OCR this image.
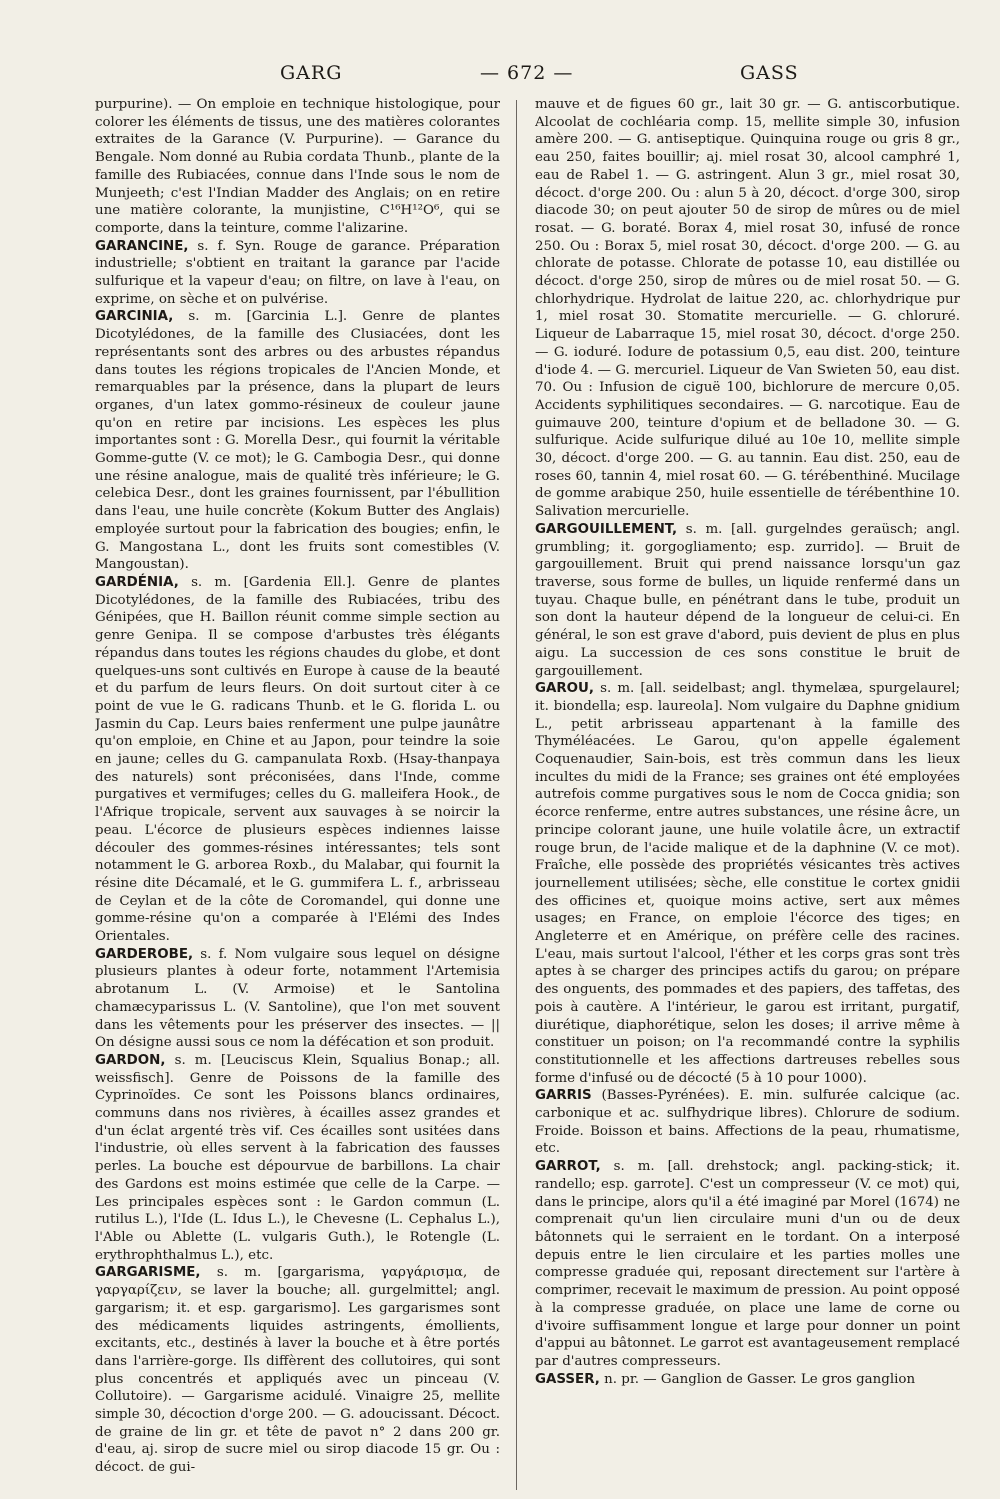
GARG	— 672 —	GASS

purpurine). — On emploie en technique histologique, pour colorer les éléments de tissus, une des matières colorantes extraites de la Garance (V. Purpurine). — Garance du Bengale. Nom donné au Rubia cordata Thunb., plante de la famille des Rubiacées, connue dans l'Inde sous le nom de Munjeeth; c'est l'Indian Madder des Anglais; on en retire une matière colorante, la munjistine, C¹⁶H¹²O⁶, qui se comporte, dans la teinture, comme l'alizarine.

GARANCINE, s. f. Syn. Rouge de garance. Préparation industrielle; s'obtient en traitant la garance par l'acide sulfurique et la vapeur d'eau; on filtre, on lave à l'eau, on exprime, on sèche et on pulvérise.

GARCINIA, s. m. [Garcinia L.]. Genre de plantes Dicotylédones, de la famille des Clusiacées, dont les représentants sont des arbres ou des arbustes répandus dans toutes les régions tropicales de l'Ancien Monde, et remarquables par la présence, dans la plupart de leurs organes, d'un latex gommo-résineux de couleur jaune qu'on en retire par incisions. Les espèces les plus importantes sont : G. Morella Desr., qui fournit la véritable Gomme-gutte (V. ce mot); le G. Cambogia Desr., qui donne une résine analogue, mais de qualité très inférieure; le G. celebica Desr., dont les graines fournissent, par l'ébullition dans l'eau, une huile concrète (Kokum Butter des Anglais) employée surtout pour la fabrication des bougies; enfin, le G. Mangostana L., dont les fruits sont comestibles (V. Mangoustan).

GARDÉNIA, s. m. [Gardenia Ell.]. Genre de plantes Dicotylédones, de la famille des Rubiacées, tribu des Génipées, que H. Baillon réunit comme simple section au genre Genipa. Il se compose d'arbustes très élégants répandus dans toutes les régions chaudes du globe, et dont quelques-uns sont cultivés en Europe à cause de la beauté et du parfum de leurs fleurs. On doit surtout citer à ce point de vue le G. radicans Thunb. et le G. florida L. ou Jasmin du Cap. Leurs baies renferment une pulpe jaunâtre qu'on emploie, en Chine et au Japon, pour teindre la soie en jaune; celles du G. campanulata Roxb. (Hsay-thanpaya des naturels) sont préconisées, dans l'Inde, comme purgatives et vermifuges; celles du G. malleifera Hook., de l'Afrique tropicale, servent aux sauvages à se noircir la peau. L'écorce de plusieurs espèces indiennes laisse découler des gommes-résines intéressantes; tels sont notamment le G. arborea Roxb., du Malabar, qui fournit la résine dite Décamalé, et le G. gummifera L. f., arbrisseau de Ceylan et de la côte de Coromandel, qui donne une gomme-résine qu'on a comparée à l'Elémi des Indes Orientales.

GARDEROBE, s. f. Nom vulgaire sous lequel on désigne plusieurs plantes à odeur forte, notamment l'Artemisia abrotanum L. (V. Armoise) et le Santolina chamæcyparissus L. (V. Santoline), que l'on met souvent dans les vêtements pour les préserver des insectes. — || On désigne aussi sous ce nom la défécation et son produit.

GARDON, s. m. [Leuciscus Klein, Squalius Bonap.; all. weissfisch]. Genre de Poissons de la famille des Cyprinoïdes. Ce sont les Poissons blancs ordinaires, communs dans nos rivières, à écailles assez grandes et d'un éclat argenté très vif. Ces écailles sont usitées dans l'industrie, où elles servent à la fabrication des fausses perles. La bouche est dépourvue de barbillons. La chair des Gardons est moins estimée que celle de la Carpe. — Les principales espèces sont : le Gardon commun (L. rutilus L.), l'Ide (L. Idus L.), le Chevesne (L. Cephalus L.), l'Able ou Ablette (L. vulgaris Guth.), le Rotengle (L. erythrophthalmus L.), etc.

GARGARISME, s. m. [gargarisma, γαργάρισμα, de γαργαρίζειν, se laver la bouche; all. gurgelmittel; angl. gargarism; it. et esp. gargarismo]. Les gargarismes sont des médicaments liquides astringents, émollients, excitants, etc., destinés à laver la bouche et à être portés dans l'arrière-gorge. Ils diffèrent des collutoires, qui sont plus concentrés et appliqués avec un pinceau (V. Collutoire). — Gargarisme acidulé. Vinaigre 25, mellite simple 30, décoction d'orge 200. — G. adoucissant. Décoct. de graine de lin gr. et tête de pavot n° 2 dans 200 gr. d'eau, aj. sirop de sucre miel ou sirop diacode 15 gr. Ou : décoct. de gui-

mauve et de figues 60 gr., lait 30 gr. — G. antiscorbutique. Alcoolat de cochléaria comp. 15, mellite simple 30, infusion amère 200. — G. antiseptique. Quinquina rouge ou gris 8 gr., eau 250, faites bouillir; aj. miel rosat 30, alcool camphré 1, eau de Rabel 1. — G. astringent. Alun 3 gr., miel rosat 30, décoct. d'orge 200. Ou : alun 5 à 20, décoct. d'orge 300, sirop diacode 30; on peut ajouter 50 de sirop de mûres ou de miel rosat. — G. boraté. Borax 4, miel rosat 30, infusé de ronce 250. Ou : Borax 5, miel rosat 30, décoct. d'orge 200. — G. au chlorate de potasse. Chlorate de potasse 10, eau distillée ou décoct. d'orge 250, sirop de mûres ou de miel rosat 50. — G. chlorhydrique. Hydrolat de laitue 220, ac. chlorhydrique pur 1, miel rosat 30. Stomatite mercurielle. — G. chloruré. Liqueur de Labarraque 15, miel rosat 30, décoct. d'orge 250. — G. ioduré. Iodure de potassium 0,5, eau dist. 200, teinture d'iode 4. — G. mercuriel. Liqueur de Van Swieten 50, eau dist. 70. Ou : Infusion de ciguë 100, bichlorure de mercure 0,05. Accidents syphilitiques secondaires. — G. narcotique. Eau de guimauve 200, teinture d'opium et de belladone 30. — G. sulfurique. Acide sulfurique dilué au 10e 10, mellite simple 30, décoct. d'orge 200. — G. au tannin. Eau dist. 250, eau de roses 60, tannin 4, miel rosat 60. — G. térébenthiné. Mucilage de gomme arabique 250, huile essentielle de térébenthine 10. Salivation mercurielle.

GARGOUILLEMENT, s. m. [all. gurgelndes geraüsch; angl. grumbling; it. gorgogliamento; esp. zurrido]. — Bruit de gargouillement. Bruit qui prend naissance lorsqu'un gaz traverse, sous forme de bulles, un liquide renfermé dans un tuyau. Chaque bulle, en pénétrant dans le tube, produit un son dont la hauteur dépend de la longueur de celui-ci. En général, le son est grave d'abord, puis devient de plus en plus aigu. La succession de ces sons constitue le bruit de gargouillement.

GAROU, s. m. [all. seidelbast; angl. thymelæa, spurgelaurel; it. biondella; esp. laureola]. Nom vulgaire du Daphne gnidium L., petit arbrisseau appartenant à la famille des Thyméléacées. Le Garou, qu'on appelle également Coquenaudier, Sain-bois, est très commun dans les lieux incultes du midi de la France; ses graines ont été employées autrefois comme purgatives sous le nom de Cocca gnidia; son écorce renferme, entre autres substances, une résine âcre, un principe colorant jaune, une huile volatile âcre, un extractif rouge brun, de l'acide malique et de la daphnine (V. ce mot). Fraîche, elle possède des propriétés vésicantes très actives journellement utilisées; sèche, elle constitue le cortex gnidii des officines et, quoique moins active, sert aux mêmes usages; en France, on emploie l'écorce des tiges; en Angleterre et en Amérique, on préfère celle des racines. L'eau, mais surtout l'alcool, l'éther et les corps gras sont très aptes à se charger des principes actifs du garou; on prépare des onguents, des pommades et des papiers, des taffetas, des pois à cautère. A l'intérieur, le garou est irritant, purgatif, diurétique, diaphorétique, selon les doses; il arrive même à constituer un poison; on l'a recommandé contre la syphilis constitutionnelle et les affections dartreuses rebelles sous forme d'infusé ou de décocté (5 à 10 pour 1000).

GARRIS (Basses-Pyrénées). E. min. sulfurée calcique (ac. carbonique et ac. sulfhydrique libres). Chlorure de sodium. Froide. Boisson et bains. Affections de la peau, rhumatisme, etc.

GARROT, s. m. [all. drehstock; angl. packing-stick; it. randello; esp. garrote]. C'est un compresseur (V. ce mot) qui, dans le principe, alors qu'il a été imaginé par Morel (1674) ne comprenait qu'un lien circulaire muni d'un ou de deux bâtonnets qui le serraient en le tordant. On a interposé depuis entre le lien circulaire et les parties molles une compresse graduée qui, reposant directement sur l'artère à comprimer, recevait le maximum de pression. Au point opposé à la compresse graduée, on place une lame de corne ou d'ivoire suffisamment longue et large pour donner un point d'appui au bâtonnet. Le garrot est avantageusement remplacé par d'autres compresseurs.

GASSER, n. pr. — Ganglion de Gasser. Le gros ganglion
